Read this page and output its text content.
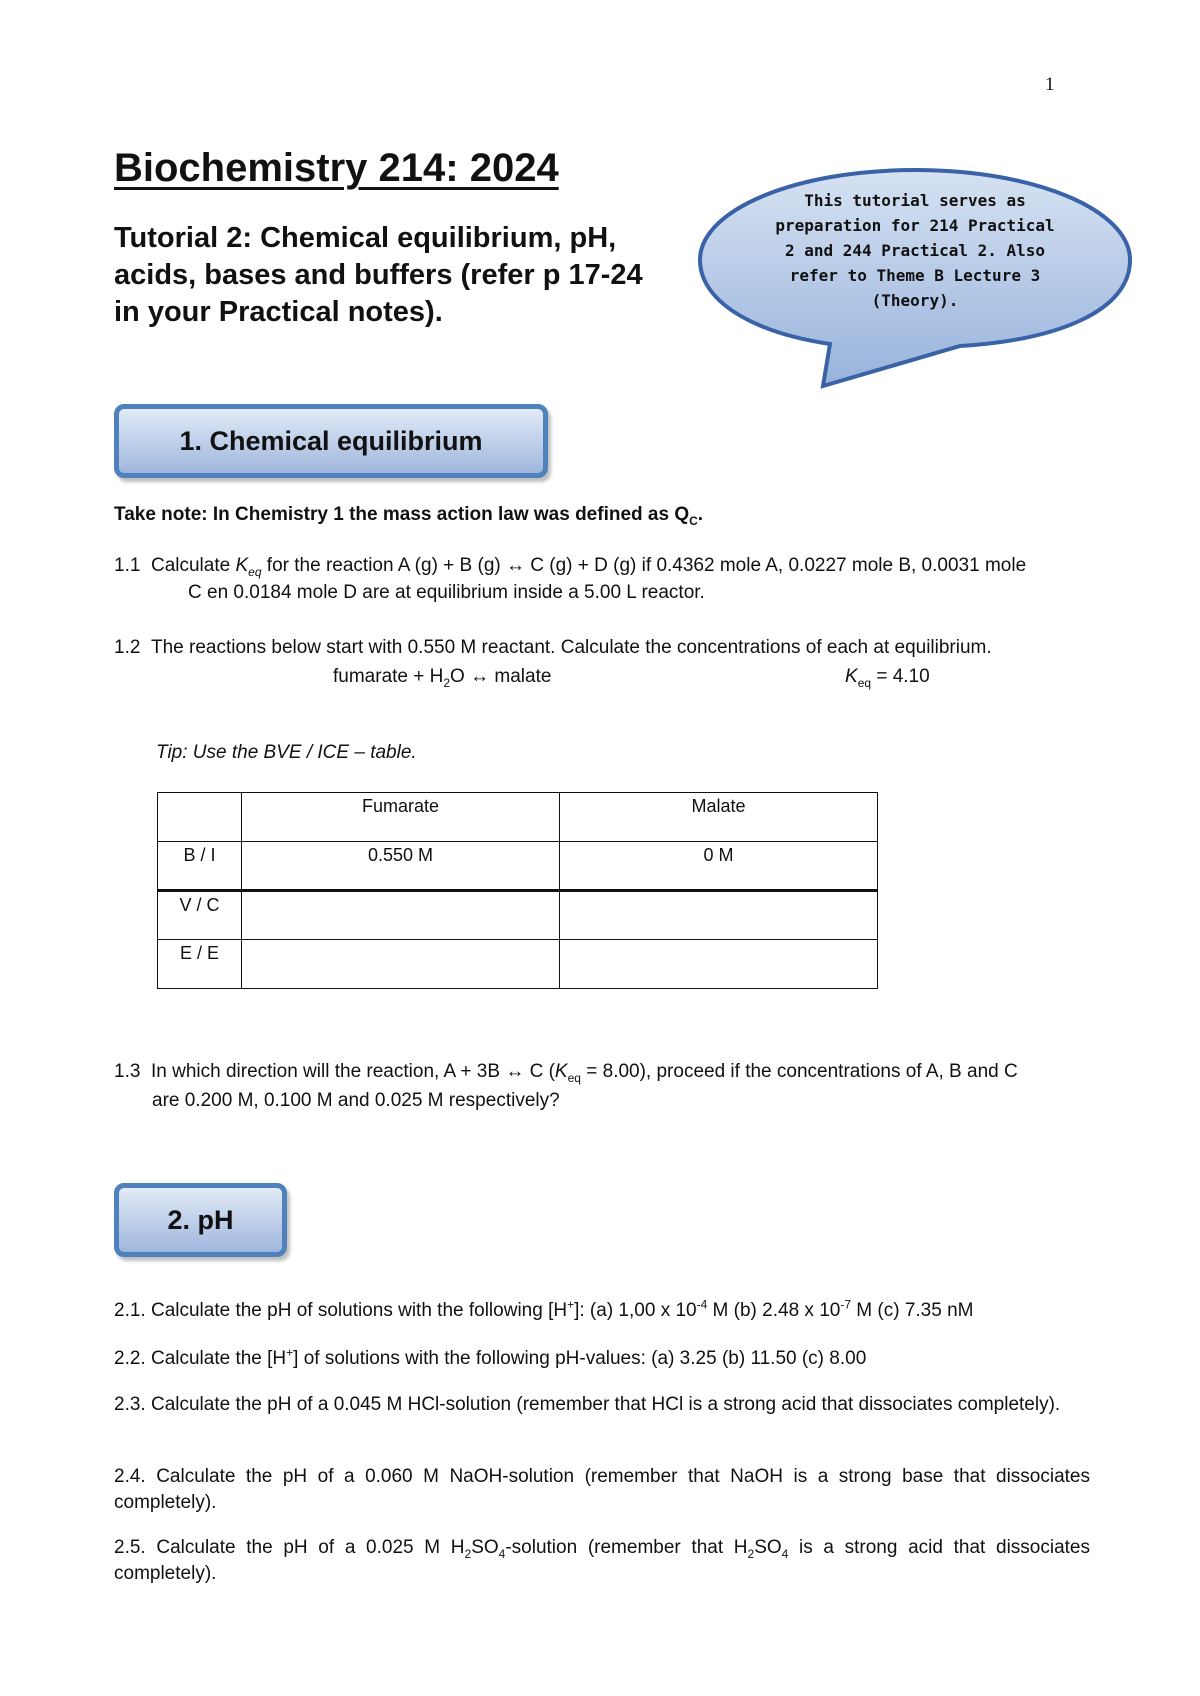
1
Biochemistry 214: 2024
Tutorial 2: Chemical equilibrium, pH, acids, bases and buffers (refer p 17-24 in your Practical notes).
This tutorial serves as
preparation for 214 Practical
2 and 244 Practical 2. Also
refer to Theme B Lecture 3
(Theory).
1. Chemical equilibrium
Take note: In Chemistry 1 the mass action law was defined as $Q_C$.
1.1 Calculate $K_{eq}$ for the reaction A (g) + B (g) ↔ C (g) + D (g) if 0.4362 mole A, 0.0227 mole B, 0.0031 mole
C en 0.0184 mole D are at equilibrium inside a 5.00 L reactor.
1.2 The reactions below start with 0.550 M reactant. Calculate the concentrations of each at equilibrium.
fumarate + $H_2O$ ↔ malate	$K_{eq} = 4.10$
Tip: Use the BVE / ICE – table.
	Fumarate	Malate
B / I	0.550 M	0 M
V / C		
E / E		
1.3 In which direction will the reaction, A + 3B ↔ C $(K_{eq} = 8.00)$, proceed if the concentrations of A, B and C
are 0.200 M, 0.100 M and 0.025 M respectively?
2. pH
2.1. Calculate the pH of solutions with the following [H+]: (a) 1,00 x $10^{-4}$ M (b) 2.48 x $10^{-7}$ M (c) 7.35 nM
2.2. Calculate the [H+] of solutions with the following pH-values: (a) 3.25 (b) 11.50 (c) 8.00
2.3. Calculate the pH of a 0.045 M HCl-solution (remember that HCl is a strong acid that dissociates completely).
2.4. Calculate the pH of a 0.060 M NaOH-solution (remember that NaOH is a strong base that dissociates completely).
2.5. Calculate the pH of a 0.025 M $H_2SO_4$-solution (remember that $H_2SO_4$ is a strong acid that dissociates completely).
